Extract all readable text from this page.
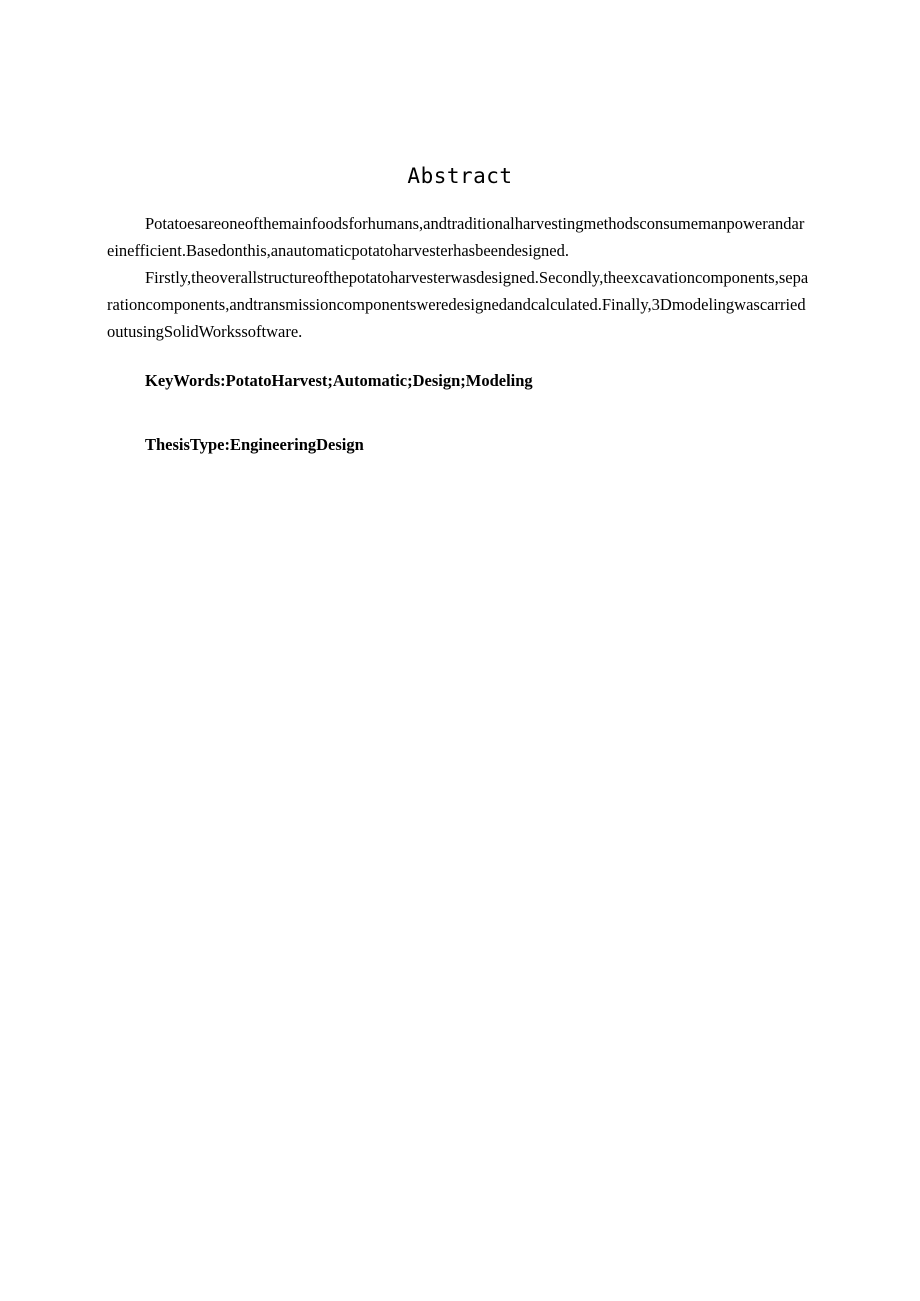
Abstract

Potatoesareoneofthemainfoodsforhumans,andtraditionalharvestingmethodsconsumemanpowerandareinefficient.Basedonthis,anautomaticpotatoharvesterhasbeendesigned.

Firstly,theoverallstructureofthepotatoharvesterwasdesigned.Secondly,theexcavationcomponents,separationcomponents,andtransmissioncomponentsweredesignedandcalculated.Finally,3DmodelingwascarriedoutusingSolidWorkssoftware.

KeyWords:PotatoHarvest;Automatic;Design;Modeling
ThesisType:EngineeringDesign
